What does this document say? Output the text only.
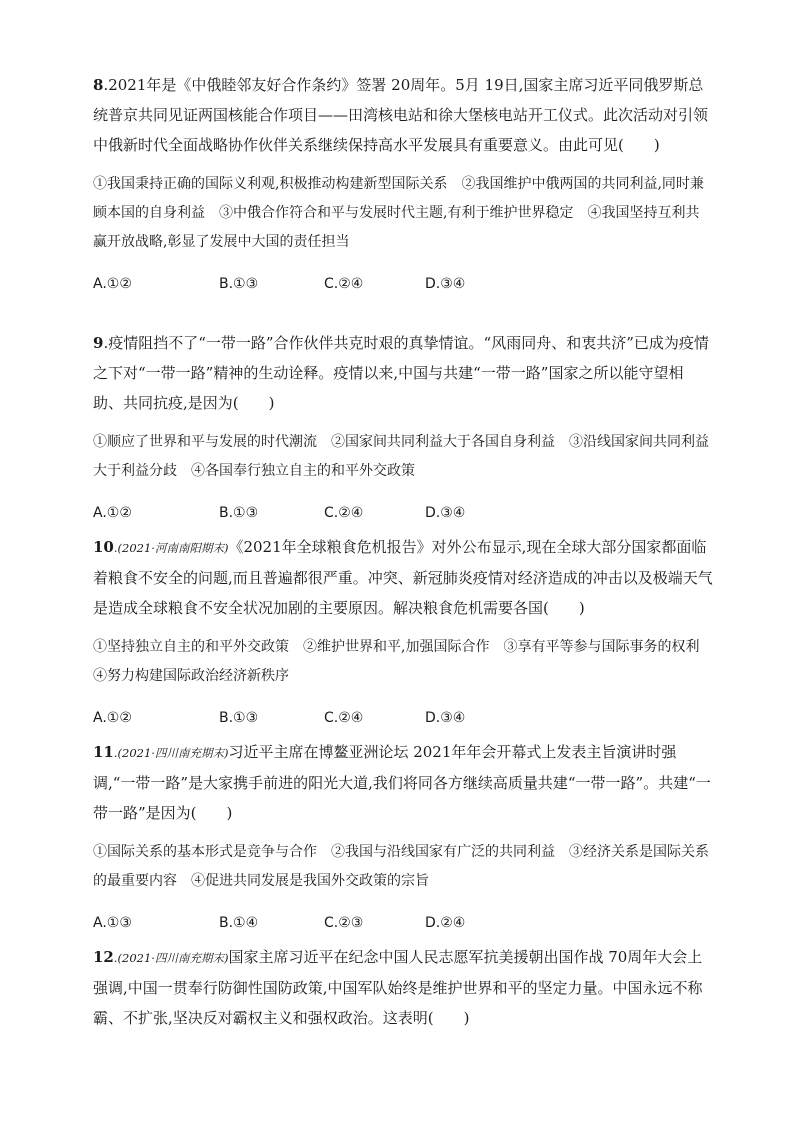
8.2021年是《中俄睦邻友好合作条约》签署 20周年。5月 19日,国家主席习近平同俄罗斯总统普京共同见证两国核能合作项目——田湾核电站和徐大堡核电站开工仪式。此次活动对引领中俄新时代全面战略协作伙伴关系继续保持高水平发展具有重要意义。由此可见(　　)

①我国秉持正确的国际义利观,积极推动构建新型国际关系　②我国维护中俄两国的共同利益,同时兼顾本国的自身利益　③中俄合作符合和平与发展时代主题,有利于维护世界稳定　④我国坚持互利共赢开放战略,彰显了发展中大国的责任担当

A.①②	B.①③	C.②④	D.③④

9.疫情阻挡不了“一带一路”合作伙伴共克时艰的真挚情谊。“风雨同舟、和衷共济”已成为疫情之下对“一带一路”精神的生动诠释。疫情以来,中国与共建“一带一路”国家之所以能守望相助、共同抗疫,是因为(　　)

①顺应了世界和平与发展的时代潮流　②国家间共同利益大于各国自身利益　③沿线国家间共同利益大于利益分歧　④各国奉行独立自主的和平外交政策

A.①②	B.①③	C.②④	D.③④

10.(2021·河南南阳期末)《2021年全球粮食危机报告》对外公布显示,现在全球大部分国家都面临着粮食不安全的问题,而且普遍都很严重。冲突、新冠肺炎疫情对经济造成的冲击以及极端天气是造成全球粮食不安全状况加剧的主要原因。解决粮食危机需要各国(　　)

①坚持独立自主的和平外交政策　②维护世界和平,加强国际合作　③享有平等参与国际事务的权利　④努力构建国际政治经济新秩序

A.①②	B.①③	C.②④	D.③④

11.(2021·四川南充期末)习近平主席在博鳌亚洲论坛 2021年年会开幕式上发表主旨演讲时强调,“一带一路”是大家携手前进的阳光大道,我们将同各方继续高质量共建“一带一路”。共建“一带一路”是因为(　　)

①国际关系的基本形式是竞争与合作　②我国与沿线国家有广泛的共同利益　③经济关系是国际关系的最重要内容　④促进共同发展是我国外交政策的宗旨

A.①③	B.①④	C.②③	D.②④

12.(2021·四川南充期末)国家主席习近平在纪念中国人民志愿军抗美援朝出国作战 70周年大会上强调,中国一贯奉行防御性国防政策,中国军队始终是维护世界和平的坚定力量。中国永远不称霸、不扩张,坚决反对霸权主义和强权政治。这表明(　　)
